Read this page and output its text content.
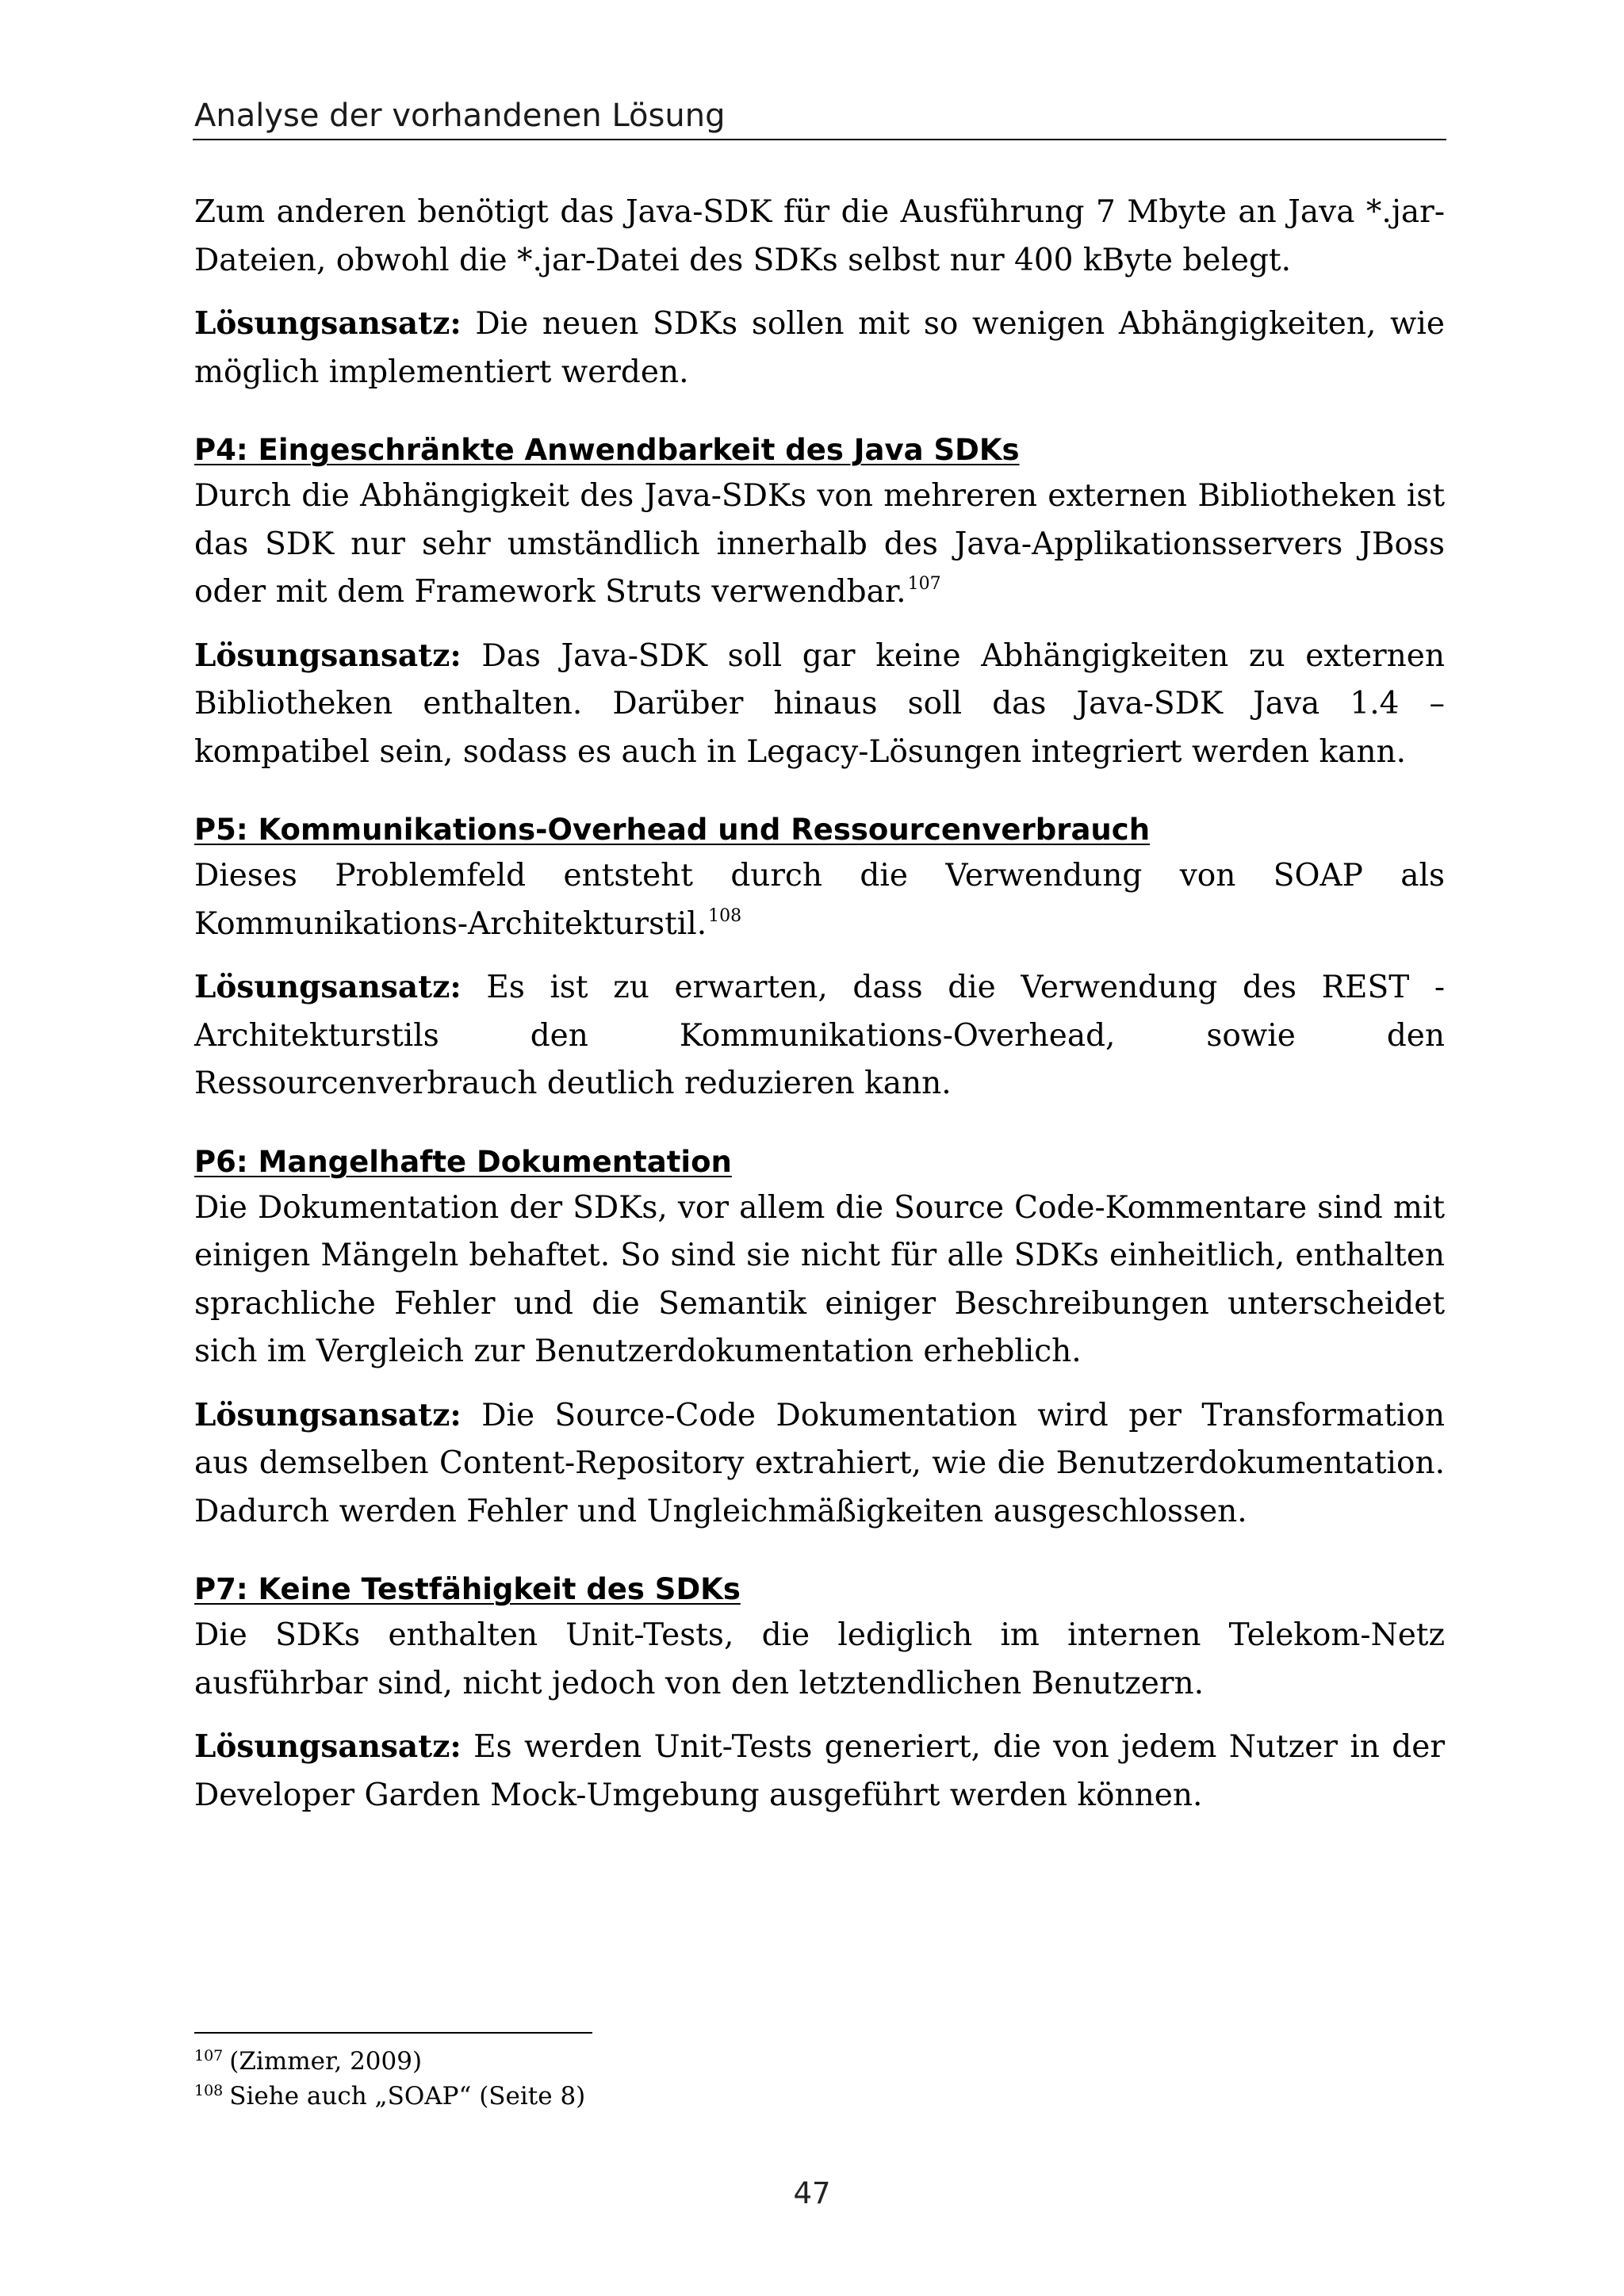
Analyse der vorhandenen Lösung

Zum anderen benötigt das Java-SDK für die Ausführung 7 Mbyte an Java *.jar-Dateien, obwohl die *.jar-Datei des SDKs selbst nur 400 kByte belegt.

Lösungsansatz: Die neuen SDKs sollen mit so wenigen Abhängigkeiten, wie möglich implementiert werden.

P4: Eingeschränkte Anwendbarkeit des Java SDKs

Durch die Abhängigkeit des Java-SDKs von mehreren externen Bibliotheken ist das SDK nur sehr umständlich innerhalb des Java-Applikationsservers JBoss oder mit dem Framework Struts verwendbar.$^{107}$

Lösungsansatz: Das Java-SDK soll gar keine Abhängigkeiten zu externen Bibliotheken enthalten. Darüber hinaus soll das Java-SDK Java 1.4 – kompatibel sein, sodass es auch in Legacy-Lösungen integriert werden kann.

P5: Kommunikations-Overhead und Ressourcenverbrauch

Dieses Problemfeld entsteht durch die Verwendung von SOAP als Kommunikations-Architekturstil.$^{108}$

Lösungsansatz: Es ist zu erwarten, dass die Verwendung des REST - Architekturstils den Kommunikations-Overhead, sowie den Ressourcenverbrauch deutlich reduzieren kann.

P6: Mangelhafte Dokumentation

Die Dokumentation der SDKs, vor allem die Source Code-Kommentare sind mit einigen Mängeln behaftet. So sind sie nicht für alle SDKs einheitlich, enthalten sprachliche Fehler und die Semantik einiger Beschreibungen unterscheidet sich im Vergleich zur Benutzerdokumentation erheblich.

Lösungsansatz: Die Source-Code Dokumentation wird per Transformation aus demselben Content-Repository extrahiert, wie die Benutzerdokumentation. Dadurch werden Fehler und Ungleichmäßigkeiten ausgeschlossen.

P7: Keine Testfähigkeit des SDKs

Die SDKs enthalten Unit-Tests, die lediglich im internen Telekom-Netz ausführbar sind, nicht jedoch von den letztendlichen Benutzern.

Lösungsansatz: Es werden Unit-Tests generiert, die von jedem Nutzer in der Developer Garden Mock-Umgebung ausgeführt werden können.

$^{107}$ (Zimmer, 2009)
$^{108}$ Siehe auch „SOAP“ (Seite 8)
47
